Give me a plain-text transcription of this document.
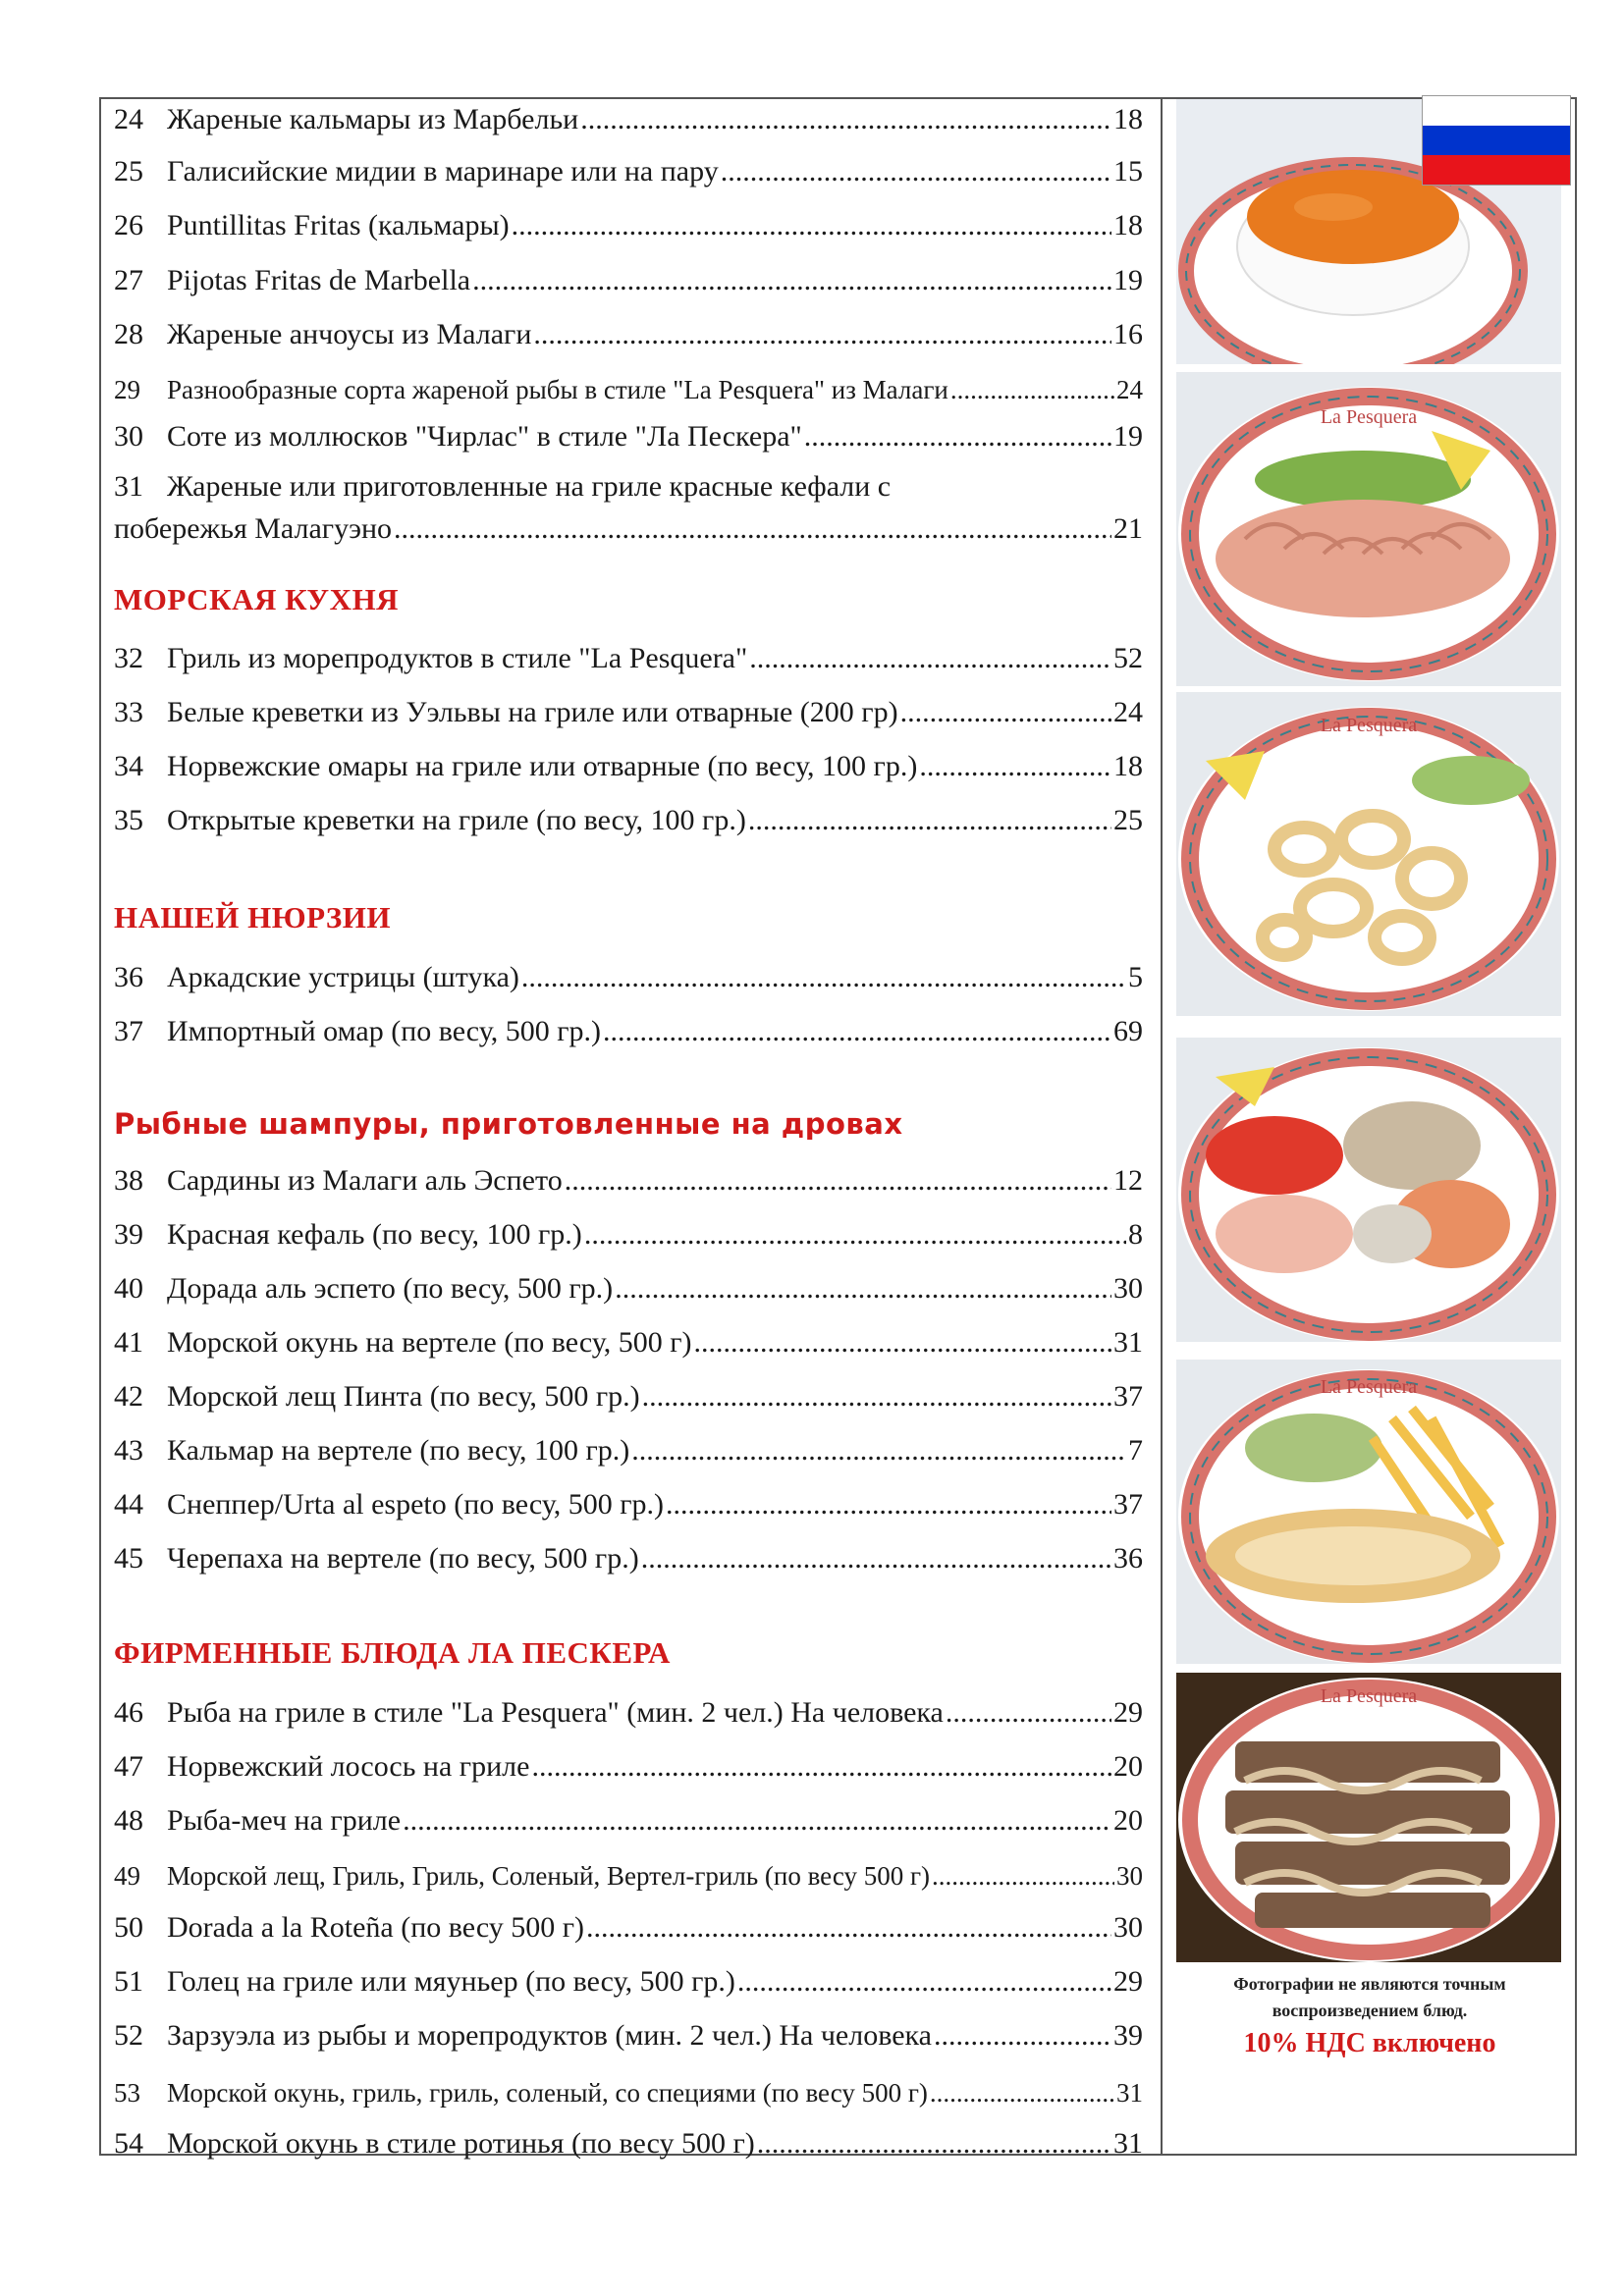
24 Жареные кальмары из Марбельи .....	18
25 Галисийские мидии в маринаре или на пару .....	15
26 Puntillitas Fritas (кальмары) .....	18
27 Pijotas Fritas de Marbella .....	19
28 Жареные анчоусы из Малаги .....	16
29	Разнообразные сорта жареной рыбы в стиле "La Pesquera" из Малаги .....	24
30 Соте из моллюсков "Чирлас" в стиле "Ла Пескера" .....	19
31 Жареные или приготовленные на гриле красные кефали с
побережья Малагуэно .....	21
МОРСКАЯ КУХНЯ
32 Гриль из морепродуктов в стиле "La Pesquera" .....	52
33 Белые креветки из Уэльвы на гриле или отварные (200 гр) .....	24
34 Норвежские омары на гриле или отварные (по весу, 100 гр.) .....	18
35 Открытые креветки на гриле (по весу, 100 гр.) .....	25
НАШЕЙ НЮРЗИИ
36 Аркадские устрицы (штука) .....	5
37 Импортный омар (по весу, 500 гр.) .....	69
Рыбные шампуры, приготовленные на дровах
38 Сардины из Малаги аль Эспето .....	12
39 Красная кефаль (по весу, 100 гр.) .....	8
40 Дорада аль эспето (по весу, 500 гр.) .....	30
41 Морской окунь на вертеле (по весу, 500 г) .....	31
42 Морской лещ Пинта (по весу, 500 гр.) .....	37
43 Кальмар на вертеле (по весу, 100 гр.) .....	7
44 Снеппер/Urta al espeto (по весу, 500 гр.) .....	37
45 Черепаха на вертеле (по весу, 500 гр.) .....	36
ФИРМЕННЫЕ БЛЮДА ЛА ПЕСКЕРА
46 Рыба на гриле в стиле "La Pesquera" (мин. 2 чел.) На человека .....	29
47 Норвежский лосось на гриле .....	20
48 Рыба-меч на гриле .....	20
49	Морской лещ, Гриль, Гриль, Соленый, Вертел-гриль (по весу 500 г) .....	30
50 Dorada a la Roteña (по весу 500 г) .....	30
51 Голец на гриле или мяуньер (по весу, 500 гр.) .....	29
52 Зарзуэла из рыбы и морепродуктов (мин. 2 чел.) На человека .....	39
53	Морской окунь, гриль, гриль, соленый, со специями (по весу 500 г) .....	31
54 Морской окунь в стиле ротинья (по весу 500 г) .....	31
La Pesquera
La Pesquera
La Pesquera
La Pesquera
Фотографии не являются точным
воспроизведением блюд.
10% НДС включено
